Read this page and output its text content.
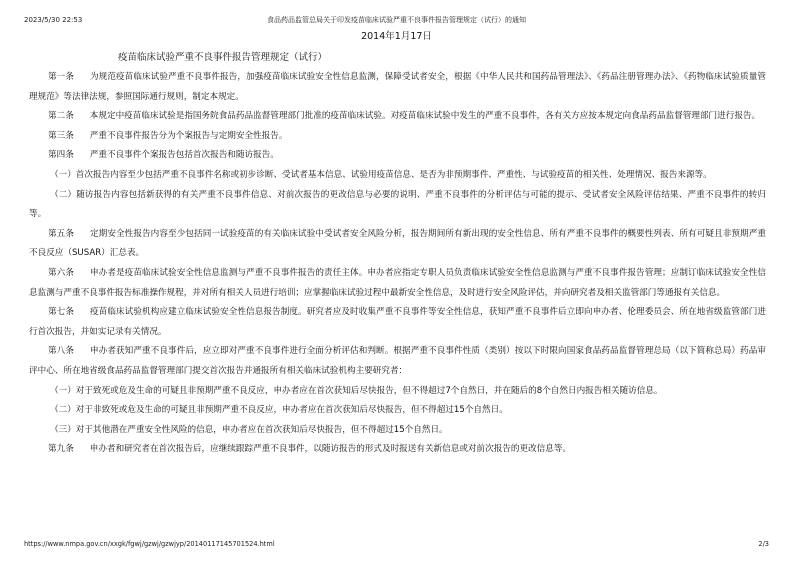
2023/5/30 22:53	食品药品监管总局关于印发疫苗临床试验严重不良事件报告管理规定（试行）的通知
2014年1月17日
疫苗临床试验严重不良事件报告管理规定（试行）

第一条 为规范疫苗临床试验严重不良事件报告，加强疫苗临床试验安全性信息监测，保障受试者安全，根据《中华人民共和国药品管理法》、《药品注册管理办法》、《药物临床试验质量管理规范》等法律法规，参照国际通行规则，制定本规定。

第二条 本规定中疫苗临床试验是指国务院食品药品监督管理部门批准的疫苗临床试验。对疫苗临床试验中发生的严重不良事件，各有关方应按本规定向食品药品监督管理部门进行报告。

第三条 严重不良事件报告分为个案报告与定期安全性报告。

第四条 严重不良事件个案报告包括首次报告和随访报告。

（一）首次报告内容至少包括严重不良事件名称或初步诊断、受试者基本信息、试验用疫苗信息、是否为非预期事件、严重性、与试验疫苗的相关性、处理情况、报告来源等。

（二）随访报告内容包括新获得的有关严重不良事件信息、对前次报告的更改信息与必要的说明、严重不良事件的分析评估与可能的提示、受试者安全风险评估结果、严重不良事件的转归等。

第五条 定期安全性报告内容至少包括同一试验疫苗的有关临床试验中受试者安全风险分析，报告期间所有新出现的安全性信息、所有严重不良事件的概要性列表、所有可疑且非预期严重不良反应（SUSAR）汇总表。

第六条 申办者是疫苗临床试验安全性信息监测与严重不良事件报告的责任主体。申办者应指定专职人员负责临床试验安全性信息监测与严重不良事件报告管理；应制订临床试验安全性信息监测与严重不良事件报告标准操作规程，并对所有相关人员进行培训；应掌握临床试验过程中最新安全性信息，及时进行安全风险评估，并向研究者及相关监管部门等通报有关信息。

第七条 疫苗临床试验机构应建立临床试验安全性信息报告制度。研究者应及时收集严重不良事件等安全性信息，获知严重不良事件后立即向申办者、伦理委员会、所在地省级监管部门进行首次报告，并如实记录有关情况。

第八条 申办者获知严重不良事件后，应立即对严重不良事件进行全面分析评估和判断。根据严重不良事件性质（类别）按以下时限向国家食品药品监督管理总局（以下简称总局）药品审评中心、所在地省级食品药品监督管理部门提交首次报告并通报所有相关临床试验机构主要研究者：

（一）对于致死或危及生命的可疑且非预期严重不良反应，申办者应在首次获知后尽快报告，但不得超过7个自然日，并在随后的8个自然日内报告相关随访信息。

（二）对于非致死或危及生命的可疑且非预期严重不良反应，申办者应在首次获知后尽快报告，但不得超过15个自然日。

（三）对于其他潜在严重安全性风险的信息，申办者应在首次获知后尽快报告，但不得超过15个自然日。

第九条 申办者和研究者在首次报告后，应继续跟踪严重不良事件，以随访报告的形式及时报送有关新信息或对前次报告的更改信息等。

https://www.nmpa.gov.cn/xxgk/fgwj/gzwj/gzwjyp/20140117145701524.html	2/3
